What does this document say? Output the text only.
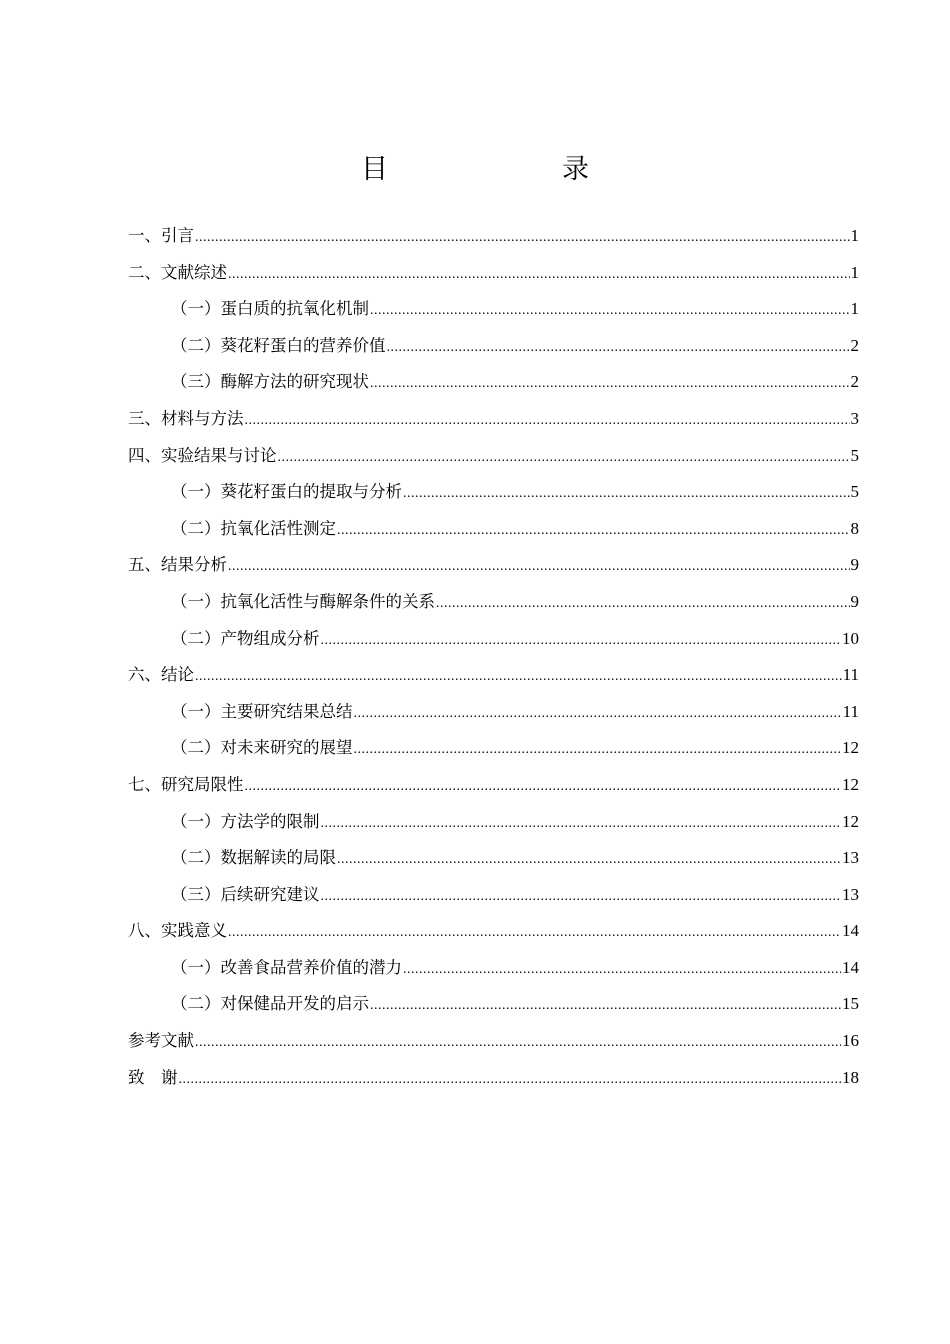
目　　录
一、引言 .....	1
二、文献综述 .....	1
（一）蛋白质的抗氧化机制 .....	1
（二）葵花籽蛋白的营养价值 .....	2
（三）酶解方法的研究现状 .....	2
三、材料与方法 .....	3
四、实验结果与讨论 .....	5
（一）葵花籽蛋白的提取与分析 .....	5
（二）抗氧化活性测定 .....	8
五、结果分析 .....	9
（一）抗氧化活性与酶解条件的关系 .....	9
（二）产物组成分析 .....	10
六、结论 .....	11
（一）主要研究结果总结 .....	11
（二）对未来研究的展望 .....	12
七、研究局限性 .....	12
（一）方法学的限制 .....	12
（二）数据解读的局限 .....	13
（三）后续研究建议 .....	13
八、实践意义 .....	14
（一）改善食品营养价值的潜力 .....	14
（二）对保健品开发的启示 .....	15
参考文献 .....	16
致　谢 .....	18
